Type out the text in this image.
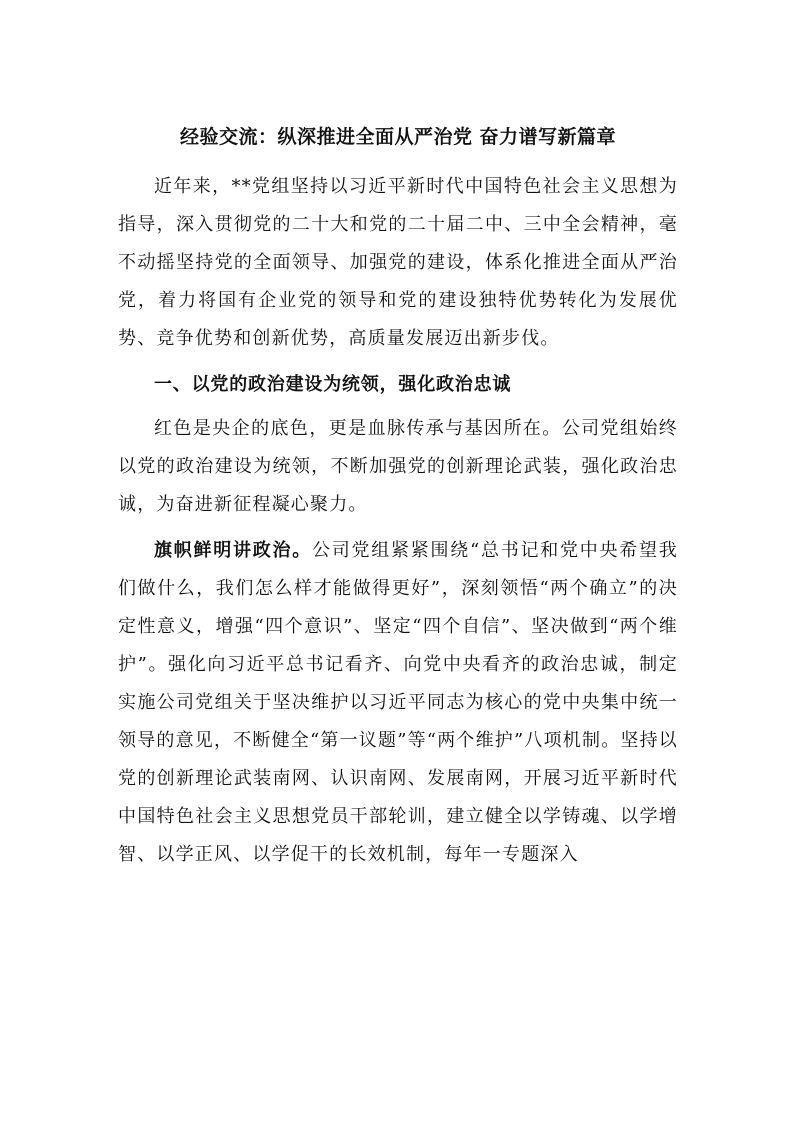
经验交流：纵深推进全面从严治党 奋力谱写新篇章

近年来，**党组坚持以习近平新时代中国特色社会主义思想为指导，深入贯彻党的二十大和党的二十届二中、三中全会精神，毫不动摇坚持党的全面领导、加强党的建设，体系化推进全面从严治党，着力将国有企业党的领导和党的建设独特优势转化为发展优势、竞争优势和创新优势，高质量发展迈出新步伐。

一、以党的政治建设为统领，强化政治忠诚

红色是央企的底色，更是血脉传承与基因所在。公司党组始终以党的政治建设为统领，不断加强党的创新理论武装，强化政治忠诚，为奋进新征程凝心聚力。

旗帜鲜明讲政治。公司党组紧紧围绕“总书记和党中央希望我们做什么，我们怎么样才能做得更好”，深刻领悟“两个确立”的决定性意义，增强“四个意识”、坚定“四个自信”、坚决做到“两个维护”。强化向习近平总书记看齐、向党中央看齐的政治忠诚，制定实施公司党组关于坚决维护以习近平同志为核心的党中央集中统一领导的意见，不断健全“第一议题”等“两个维护”八项机制。坚持以党的创新理论武装南网、认识南网、发展南网，开展习近平新时代中国特色社会主义思想党员干部轮训，建立健全以学铸魂、以学增智、以学正风、以学促干的长效机制，每年一专题深入
